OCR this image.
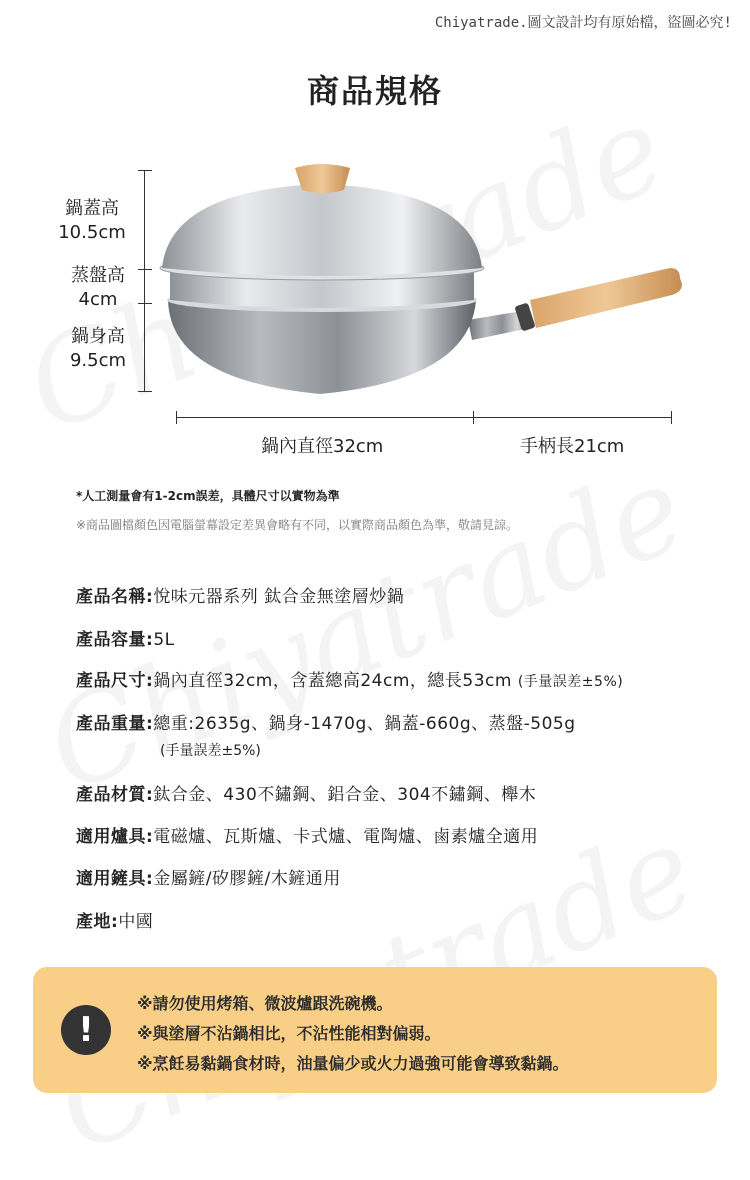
Chiyatrade.圖文設計均有原始檔，盜圖必究!
商品規格
鍋蓋高
10.5cm
蒸盤高
4cm
鍋身高
9.5cm
鍋內直徑32cm	手柄長21cm
*人工測量會有1-2cm誤差，具體尺寸以實物為準
※商品圖檔顏色因電腦螢幕設定差異會略有不同，以實際商品顏色為準，敬請見諒。
產品名稱:悅味元器系列 鈦合金無塗層炒鍋
產品容量:5L
產品尺寸:鍋內直徑32cm，含蓋總高24cm，總長53cm (手量誤差±5%)
產品重量:總重:2635g、鍋身-1470g、鍋蓋-660g、蒸盤-505g
(手量誤差±5%)
產品材質:鈦合金、430不鏽鋼、鋁合金、304不鏽鋼、櫸木
適用爐具:電磁爐、瓦斯爐、卡式爐、電陶爐、鹵素爐全適用
適用鏟具:金屬鏟/矽膠鏟/木鏟通用
產地:中國
!
※請勿使用烤箱、微波爐跟洗碗機。
※與塗層不沾鍋相比，不沾性能相對偏弱。
※烹飪易黏鍋食材時，油量偏少或火力過強可能會導致黏鍋。
